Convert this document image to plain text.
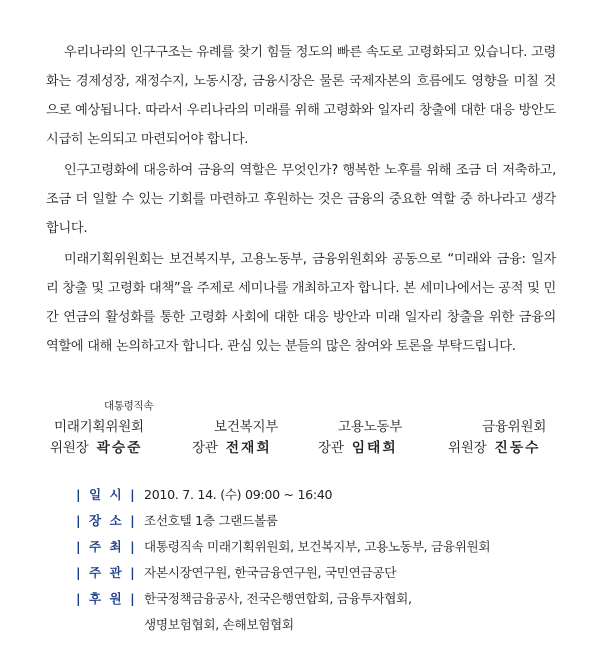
우리나라의 인구구조는 유례를 찾기 힘들 정도의 빠른 속도로 고령화되고 있습니다. 고령화는 경제성장, 재정수지, 노동시장, 금융시장은 물론 국제자본의 흐름에도 영향을 미칠 것으로 예상됩니다. 따라서 우리나라의 미래를 위해 고령화와 일자리 창출에 대한 대응 방안도 시급히 논의되고 마련되어야 합니다.

인구고령화에 대응하여 금융의 역할은 무엇인가? 행복한 노후를 위해 조금 더 저축하고, 조금 더 일할 수 있는 기회를 마련하고 후원하는 것은 금융의 중요한 역할 중 하나라고 생각합니다.

미래기획위원회는 보건복지부, 고용노동부, 금융위원회와 공동으로 “미래와 금융: 일자리 창출 및 고령화 대책”을 주제로 세미나를 개최하고자 합니다. 본 세미나에서는 공적 및 민간 연금의 활성화를 통한 고령화 사회에 대한 대응 방안과 미래 일자리 창출을 위한 금융의 역할에 대해 논의하고자 합니다. 관심 있는 분들의 많은 참여와 토론을 부탁드립니다.

대통령직속
미래기획위원회
위원장 곽승준
보건복지부
장관 전재희
고용노동부
장관 임태희
금융위원회
위원장 진동수
| 일 시 | 2010. 7. 14. (수) 09:00 ~ 16:40
| 장 소 | 조선호텔 1층 그랜드볼룸
| 주 최 | 대통령직속 미래기획위원회, 보건복지부, 고용노동부, 금융위원회
| 주 관 | 자본시장연구원, 한국금융연구원, 국민연금공단
| 후 원 | 한국정책금융공사, 전국은행연합회, 금융투자협회,
생명보험협회, 손해보험협회
